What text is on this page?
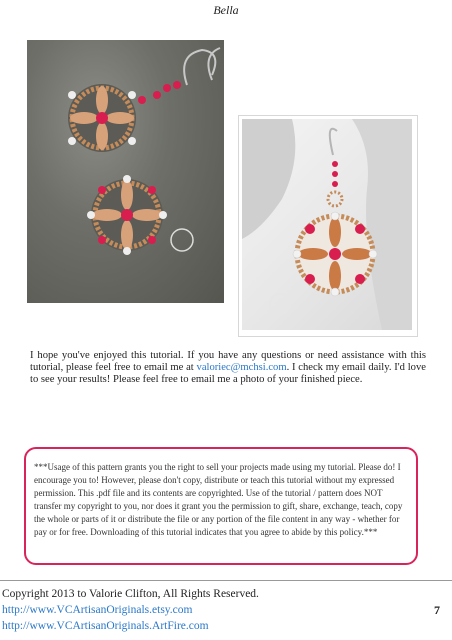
Bella
I hope you've enjoyed this tutorial. If you have any questions or need assistance with this tutorial, please feel free to email me at valoriec@mchsi.com. I check my email daily. I'd love to see your results! Please feel free to email me a photo of your finished piece.
***Usage of this pattern grants you the right to sell your projects made using my tutorial. Please do! I encourage you to! However, please don't copy, distribute or teach this tutorial without my expressed permission. This .pdf file and its contents are copyrighted. Use of the tutorial / pattern does NOT transfer my copyright to you, nor does it grant you the permission to gift, share, exchange, teach, copy the whole or parts of it or distribute the file or any portion of the file content in any way - whether for pay or for free. Downloading of this tutorial indicates that you agree to abide by this policy.***
Copyright 2013 to Valorie Clifton, All Rights Reserved.
http://www.VCArtisanOriginals.etsy.com
http://www.VCArtisanOriginals.ArtFire.com
7
